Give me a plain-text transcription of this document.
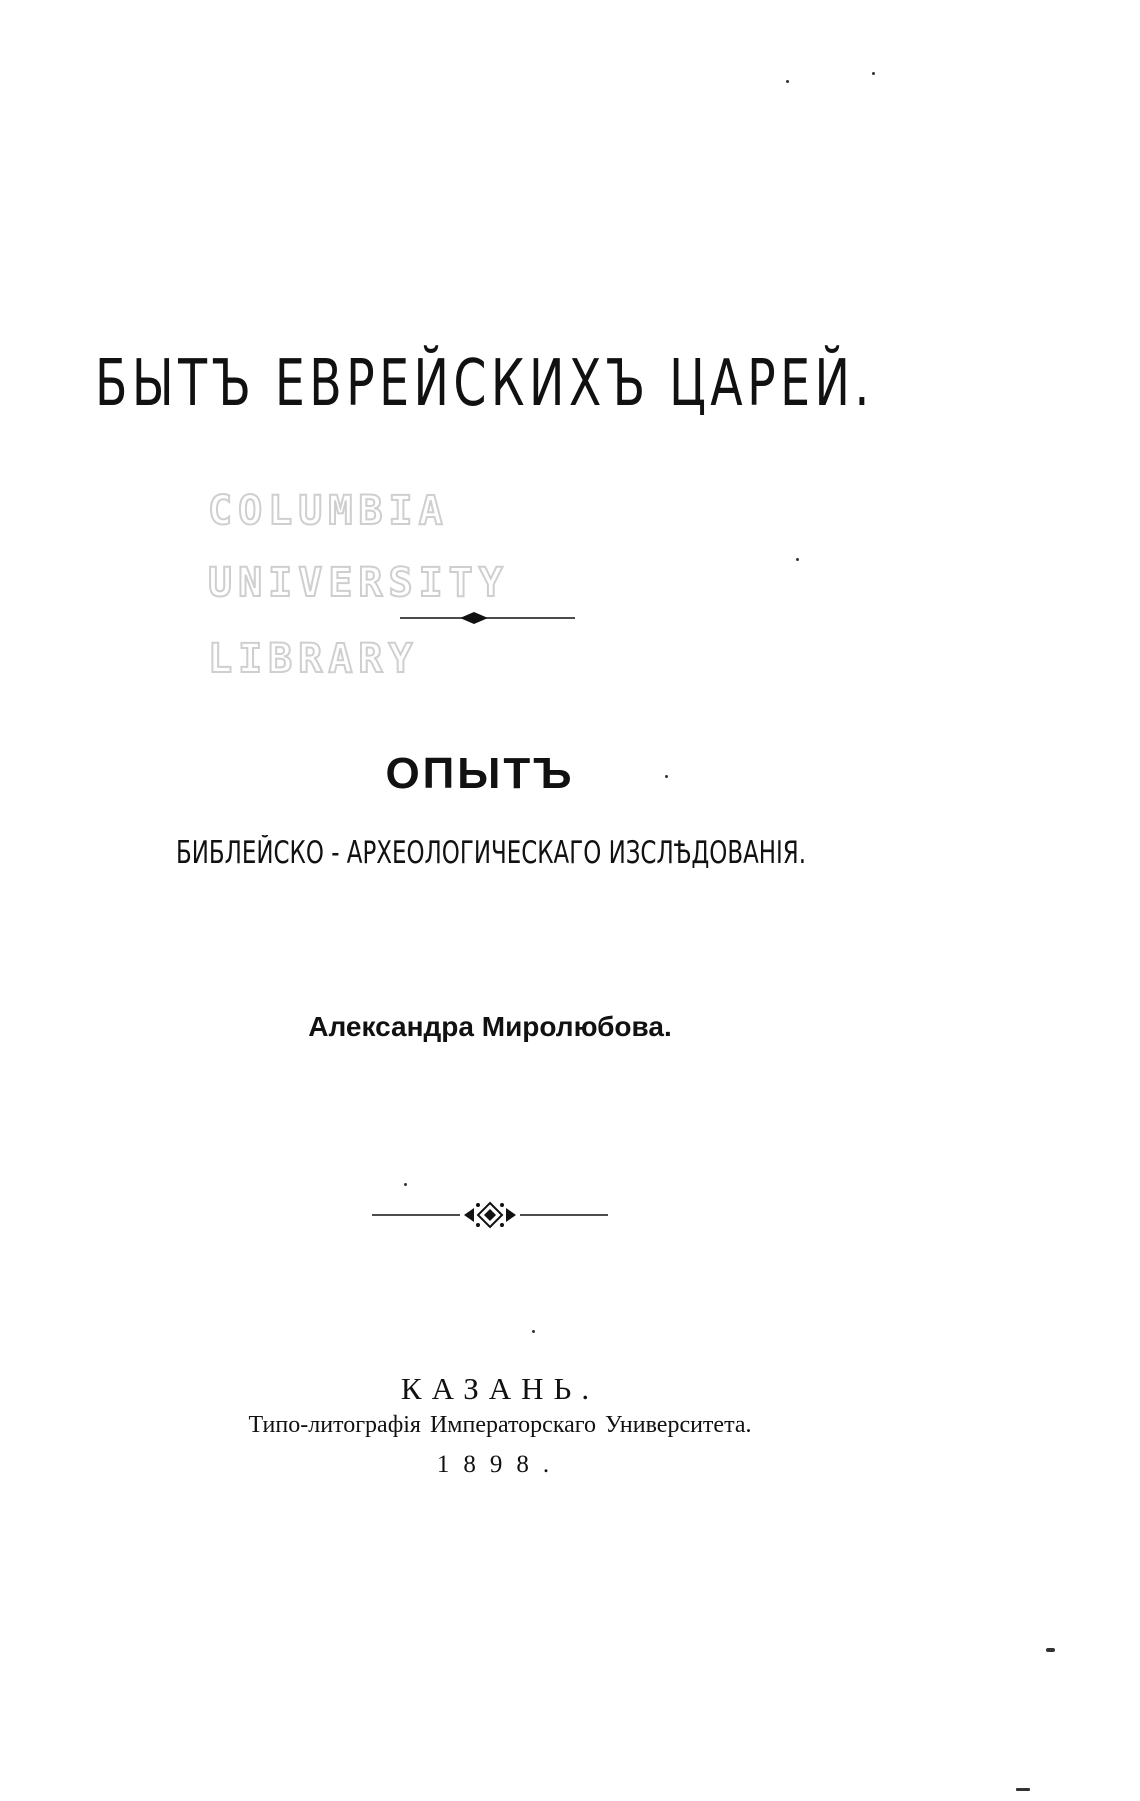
БЫТЪ ЕВРЕЙСКИХЪ ЦАРЕЙ.
COLUMBIA
UNIVERSITY
LIBRARY
ОПЫТЪ
БИБЛЕЙСКО - АРХЕОЛОГИЧЕСКАГО ИЗСЛѢДОВАНІЯ.
Александра Миролюбова.
КАЗАНЬ.
Типо-литографія Императорскаго Университета.
1898.
